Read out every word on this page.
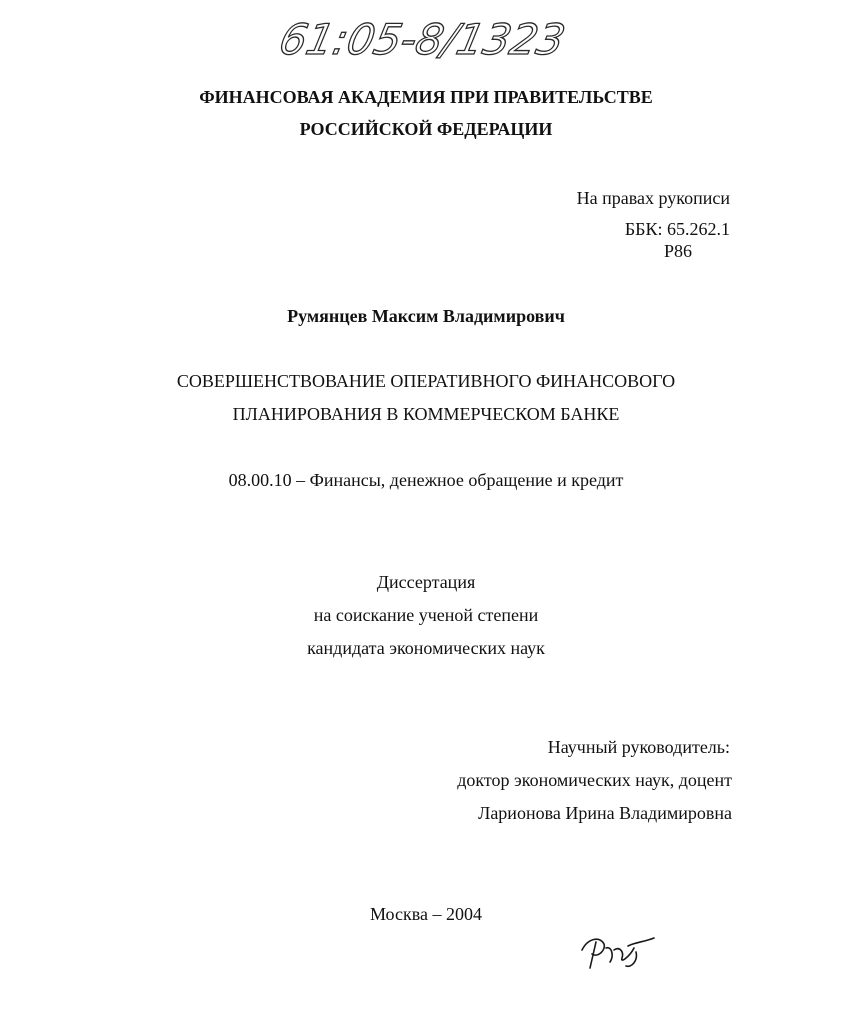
61:05-8/1323
ФИНАНСОВАЯ АКАДЕМИЯ ПРИ ПРАВИТЕЛЬСТВЕ
РОССИЙСКОЙ ФЕДЕРАЦИИ
На правах рукописи
ББК: 65.262.1
Р86
Румянцев Максим Владимирович
СОВЕРШЕНСТВОВАНИЕ ОПЕРАТИВНОГО ФИНАНСОВОГО
ПЛАНИРОВАНИЯ В КОММЕРЧЕСКОМ БАНКЕ
08.00.10 – Финансы, денежное обращение и кредит
Диссертация
на соискание ученой степени
кандидата экономических наук
Научный руководитель:
доктор экономических наук, доцент
Ларионова Ирина Владимировна
Москва – 2004
